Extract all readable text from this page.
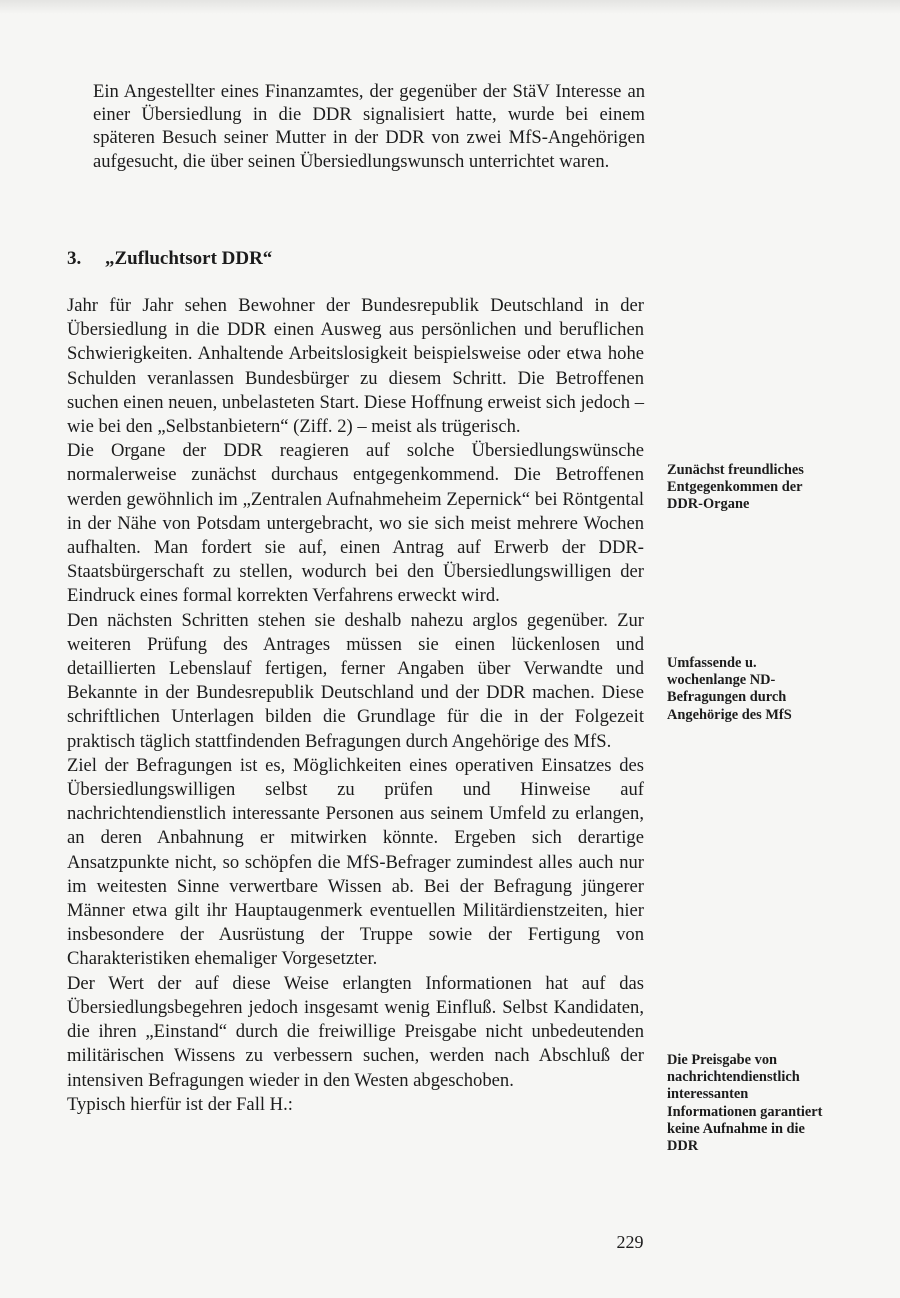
Ein Angestellter eines Finanzamtes, der gegenüber der StäV Interesse an einer Übersiedlung in die DDR signalisiert hatte, wurde bei einem späteren Besuch seiner Mutter in der DDR von zwei MfS-Angehörigen aufgesucht, die über seinen Übersiedlungswunsch unterrichtet waren.

3. „Zufluchtsort DDR“

Jahr für Jahr sehen Bewohner der Bundesrepublik Deutschland in der Übersiedlung in die DDR einen Ausweg aus persönlichen und beruflichen Schwierigkeiten. Anhaltende Arbeitslosigkeit beispielsweise oder etwa hohe Schulden veranlassen Bundesbürger zu diesem Schritt. Die Betroffenen suchen einen neuen, unbelasteten Start. Diese Hoffnung erweist sich jedoch – wie bei den „Selbstanbietern“ (Ziff. 2) – meist als trügerisch.

Die Organe der DDR reagieren auf solche Übersiedlungswünsche normalerweise zunächst durchaus entgegenkommend. Die Betroffenen werden gewöhnlich im „Zentralen Aufnahmeheim Zepernick“ bei Röntgental in der Nähe von Potsdam untergebracht, wo sie sich meist mehrere Wochen aufhalten. Man fordert sie auf, einen Antrag auf Erwerb der DDR-Staatsbürgerschaft zu stellen, wodurch bei den Übersiedlungswilligen der Eindruck eines formal korrekten Verfahrens erweckt wird.

Den nächsten Schritten stehen sie deshalb nahezu arglos gegenüber. Zur weiteren Prüfung des Antrages müssen sie einen lückenlosen und detaillierten Lebenslauf fertigen, ferner Angaben über Verwandte und Bekannte in der Bundesrepublik Deutschland und der DDR machen. Diese schriftlichen Unterlagen bilden die Grundlage für die in der Folgezeit praktisch täglich stattfindenden Befragungen durch Angehörige des MfS.

Ziel der Befragungen ist es, Möglichkeiten eines operativen Einsatzes des Übersiedlungswilligen selbst zu prüfen und Hinweise auf nachrichtendienstlich interessante Personen aus seinem Umfeld zu erlangen, an deren Anbahnung er mitwirken könnte. Ergeben sich derartige Ansatzpunkte nicht, so schöpfen die MfS-Befrager zumindest alles auch nur im weitesten Sinne verwertbare Wissen ab. Bei der Befragung jüngerer Männer etwa gilt ihr Hauptaugenmerk eventuellen Militärdienstzeiten, hier insbesondere der Ausrüstung der Truppe sowie der Fertigung von Charakteristiken ehemaliger Vorgesetzter.

Der Wert der auf diese Weise erlangten Informationen hat auf das Übersiedlungsbegehren jedoch insgesamt wenig Einfluß. Selbst Kandidaten, die ihren „Einstand“ durch die freiwillige Preisgabe nicht unbedeutenden militärischen Wissens zu verbessern suchen, werden nach Abschluß der intensiven Befragungen wieder in den Westen abgeschoben.

Typisch hierfür ist der Fall H.:

Zunächst freundliches Entgegenkommen der DDR-Organe

Umfassende u. wochenlange ND-Befragungen durch Angehörige des MfS

Die Preisgabe von nachrichtendienstlich interessanten Informationen garantiert keine Aufnahme in die DDR

229
